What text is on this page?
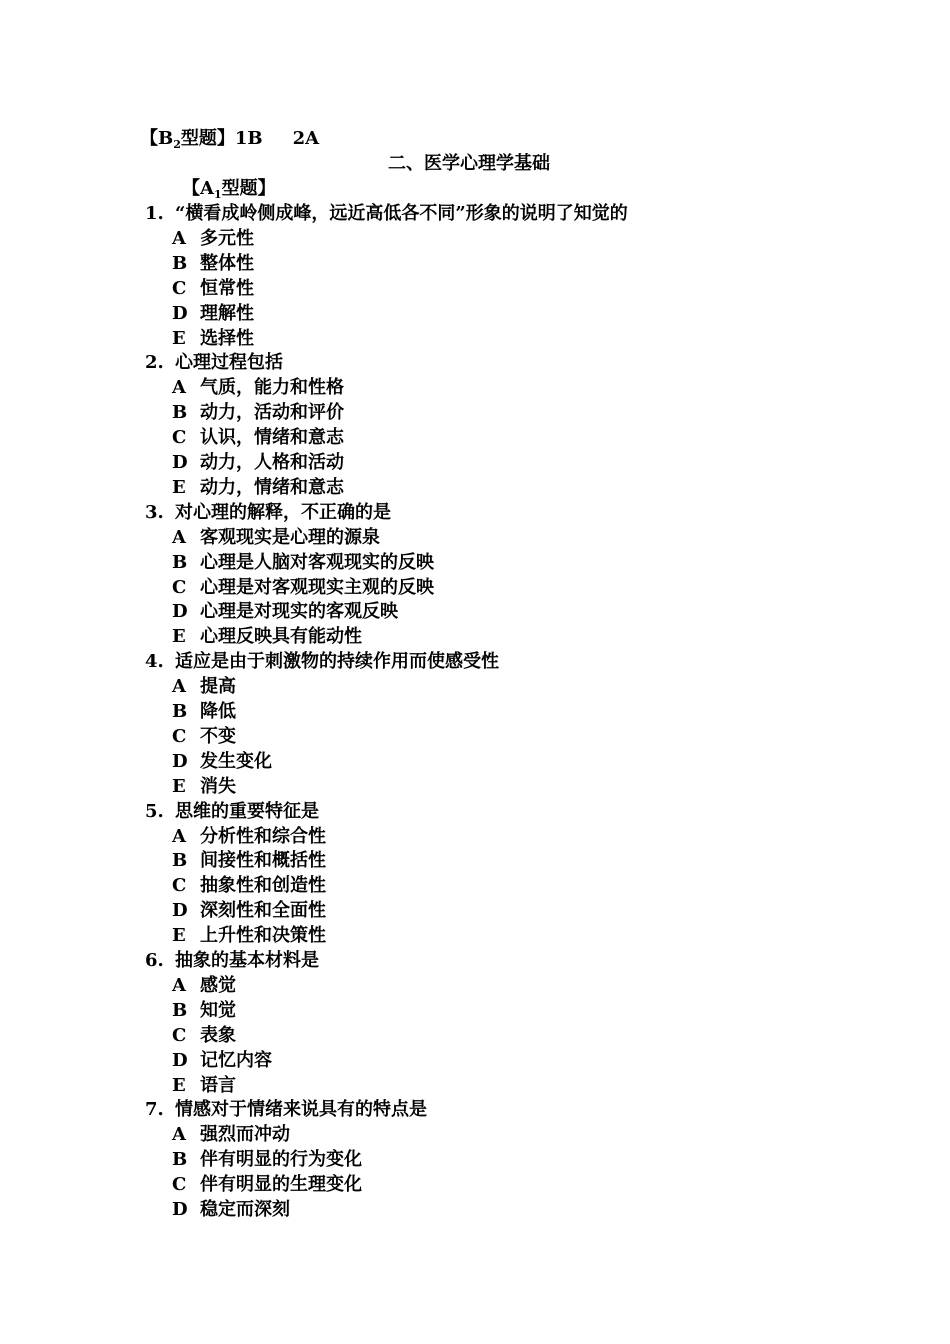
【$B_2$型题】1B 2A
二、医学心理学基础
【$A_1$型题】
1. “横看成岭侧成峰，远近高低各不同”形象的说明了知觉的
A 多元性
B 整体性
C 恒常性
D 理解性
E 选择性
2. 心理过程包括
A 气质，能力和性格
B 动力，活动和评价
C 认识，情绪和意志
D 动力，人格和活动
E 动力，情绪和意志
3. 对心理的解释，不正确的是
A 客观现实是心理的源泉
B 心理是人脑对客观现实的反映
C 心理是对客观现实主观的反映
D 心理是对现实的客观反映
E 心理反映具有能动性
4. 适应是由于刺激物的持续作用而使感受性
A 提高
B 降低
C 不变
D 发生变化
E 消失
5. 思维的重要特征是
A 分析性和综合性
B 间接性和概括性
C 抽象性和创造性
D 深刻性和全面性
E 上升性和决策性
6. 抽象的基本材料是
A 感觉
B 知觉
C 表象
D 记忆内容
E 语言
7. 情感对于情绪来说具有的特点是
A 强烈而冲动
B 伴有明显的行为变化
C 伴有明显的生理变化
D 稳定而深刻
